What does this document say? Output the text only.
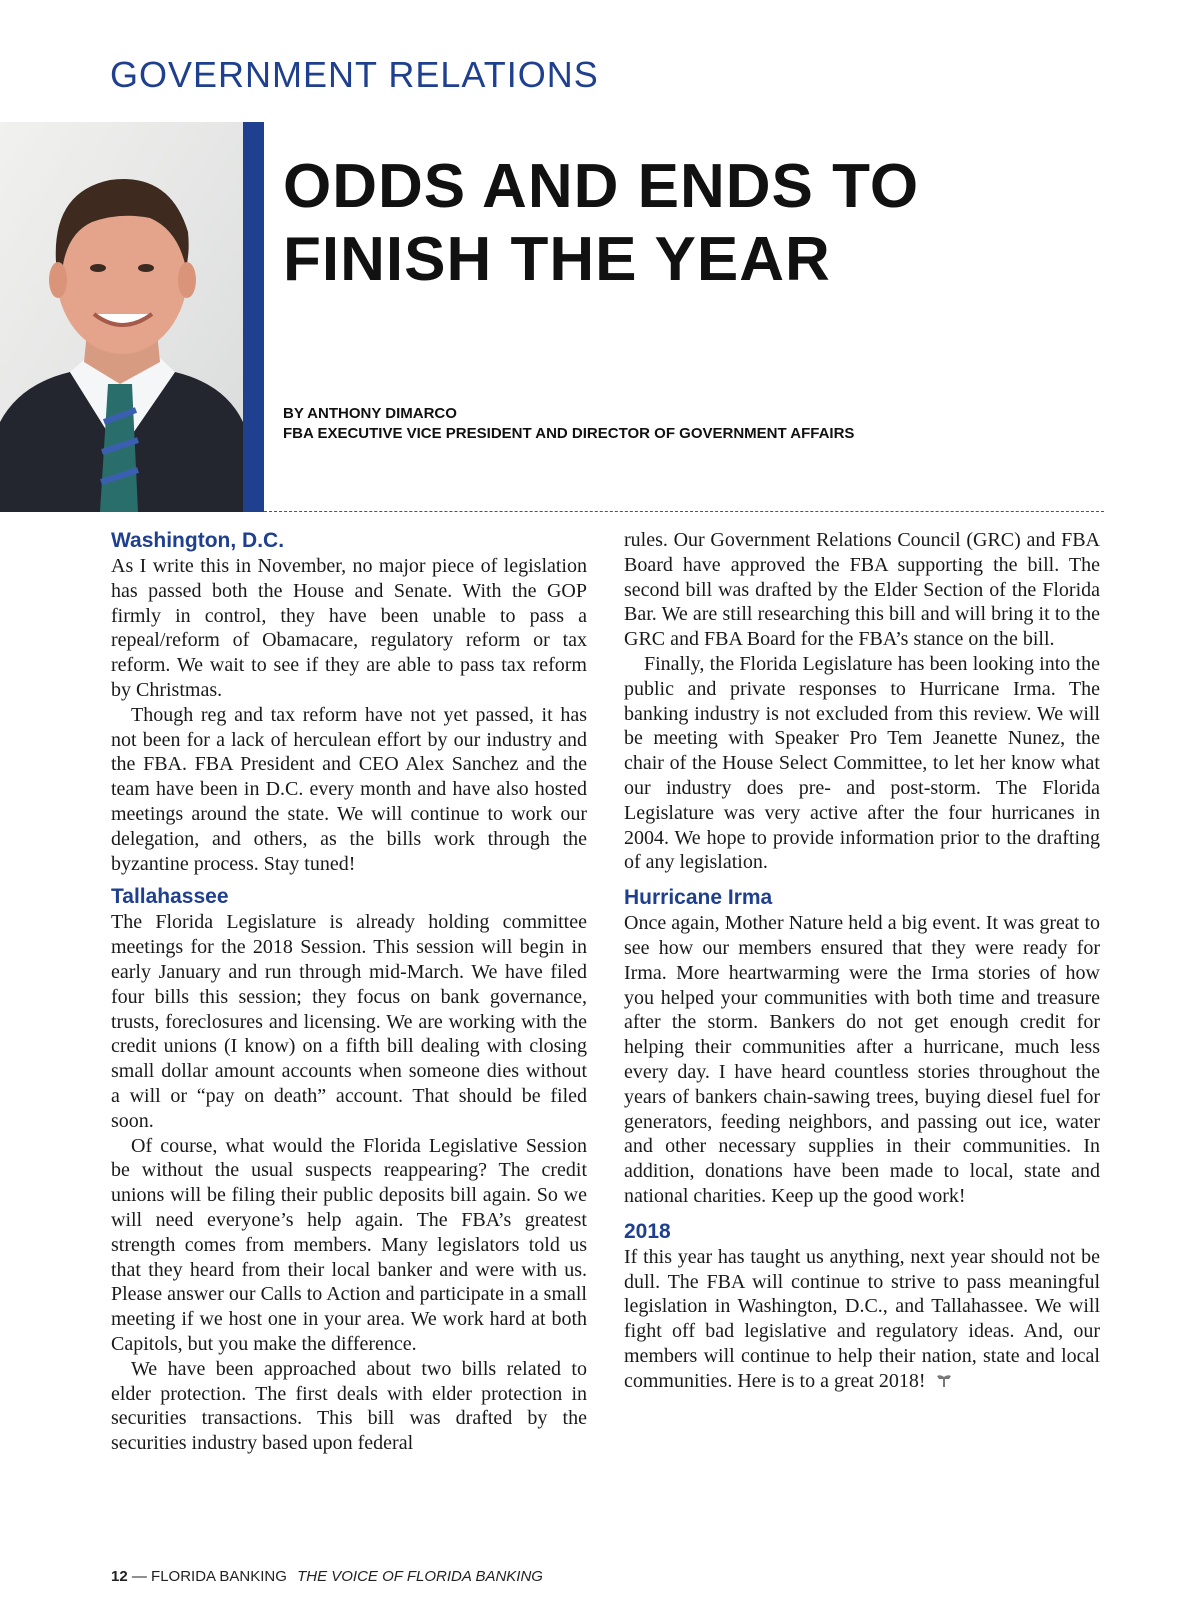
GOVERNMENT RELATIONS
ODDS AND ENDS TO
FINISH THE YEAR
BY ANTHONY DIMARCO
FBA EXECUTIVE VICE PRESIDENT AND DIRECTOR OF GOVERNMENT AFFAIRS
Washington, D.C.

As I write this in November, no major piece of legislation has passed both the House and Senate. With the GOP firmly in control, they have been unable to pass a repeal/reform of Obamacare, regulatory reform or tax reform. We wait to see if they are able to pass tax reform by Christmas.

Though reg and tax reform have not yet passed, it has not been for a lack of herculean effort by our industry and the FBA. FBA President and CEO Alex Sanchez and the team have been in D.C. every month and have also hosted meetings around the state. We will continue to work our delegation, and others, as the bills work through the byzantine process. Stay tuned!

Tallahassee

The Florida Legislature is already holding committee meetings for the 2018 Session. This session will begin in early January and run through mid-March. We have filed four bills this session; they focus on bank governance, trusts, foreclosures and licensing. We are working with the credit unions (I know) on a fifth bill dealing with closing small dollar amount accounts when someone dies without a will or “pay on death” account. That should be filed soon.

Of course, what would the Florida Legislative Session be without the usual suspects reappearing? The credit unions will be filing their public deposits bill again. So we will need everyone’s help again. The FBA’s greatest strength comes from members. Many legislators told us that they heard from their local banker and were with us. Please answer our Calls to Action and participate in a small meeting if we host one in your area. We work hard at both Capitols, but you make the difference.

We have been approached about two bills related to elder protection. The first deals with elder protection in securities transactions. This bill was drafted by the securities industry based upon federal

rules. Our Government Relations Council (GRC) and FBA Board have approved the FBA supporting the bill. The second bill was drafted by the Elder Section of the Florida Bar. We are still researching this bill and will bring it to the GRC and FBA Board for the FBA’s stance on the bill.

Finally, the Florida Legislature has been looking into the public and private responses to Hurricane Irma. The banking industry is not excluded from this review. We will be meeting with Speaker Pro Tem Jeanette Nunez, the chair of the House Select Committee, to let her know what our industry does pre- and post-storm. The Florida Legislature was very active after the four hurricanes in 2004. We hope to provide information prior to the drafting of any legislation.

Hurricane Irma

Once again, Mother Nature held a big event. It was great to see how our members ensured that they were ready for Irma. More heartwarming were the Irma stories of how you helped your communities with both time and treasure after the storm. Bankers do not get enough credit for helping their communities after a hurricane, much less every day. I have heard countless stories throughout the years of bankers chain-sawing trees, buying diesel fuel for generators, feeding neighbors, and passing out ice, water and other necessary supplies in their communities. In addition, donations have been made to local, state and national charities. Keep up the good work!

2018

If this year has taught us anything, next year should not be dull. The FBA will continue to strive to pass meaningful legislation in Washington, D.C., and Tallahassee. We will fight off bad legislative and regulatory ideas. And, our members will continue to help their nation, state and local communities. Here is to a great 2018!

12 — FLORIDA BANKING THE VOICE OF FLORIDA BANKING
